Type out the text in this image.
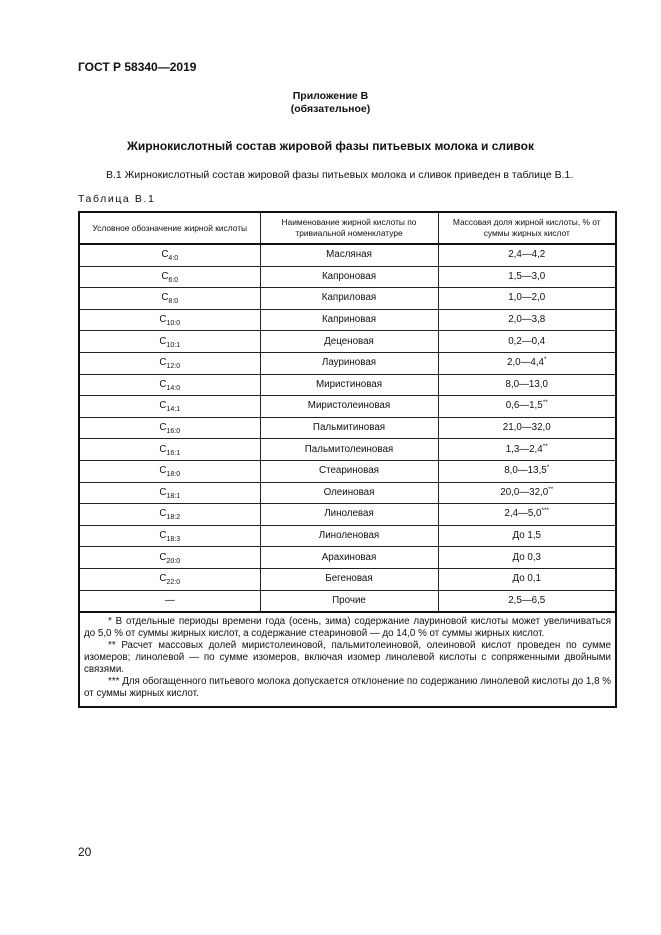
ГОСТ Р 58340—2019
Приложение В
(обязательное)
Жирнокислотный состав жировой фазы питьевых молока и сливок
В.1 Жирнокислотный состав жировой фазы питьевых молока и сливок приведен в таблице В.1.
Таблица В.1
Условное обозначение жирной кислоты	Наименование жирной кислоты по тривиальной номенклатуре	Массовая доля жирной кислоты, % от суммы жирных кислот
$C_{4:0}$	Масляная	2,4—4,2
$C_{6:0}$	Капроновая	1,5—3,0
$C_{8:0}$	Каприловая	1,0—2,0
$C_{10:0}$	Каприновая	2,0—3,8
$C_{10:1}$	Деценовая	0,2—0,4
$C_{12:0}$	Лауриновая	2,0—4,4*
$C_{14:0}$	Миристиновая	8,0—13,0
$C_{14:1}$	Миристолеиновая	0,6—1,5**
$C_{16:0}$	Пальмитиновая	21,0—32,0
$C_{16:1}$	Пальмитолеиновая	1,3—2,4**
$C_{18:0}$	Стеариновая	8,0—13,5*
$C_{18:1}$	Олеиновая	20,0—32,0**
$C_{18:2}$	Линолевая	2,4—5,0***
$C_{18:3}$	Линоленовая	До 1,5
$C_{20:0}$	Арахиновая	До 0,3
$C_{22:0}$	Бегеновая	До 0,1
—	Прочие	2,5—6,5

* В отдельные периоды времени года (осень, зима) содержание лауриновой кислоты может увеличиваться до 5,0 % от суммы жирных кислот, а содержание стеариновой — до 14,0 % от суммы жирных кислот.
** Расчет массовых долей миристолеиновой, пальмитолеиновой, олеиновой кислот проведен по сумме изомеров; линолевой — по сумме изомеров, включая изомер линолевой кислоты с сопряженными двойными связями.
*** Для обогащенного питьевого молока допускается отклонение по содержанию линолевой кислоты до 1,8 % от суммы жирных кислот.		
20
